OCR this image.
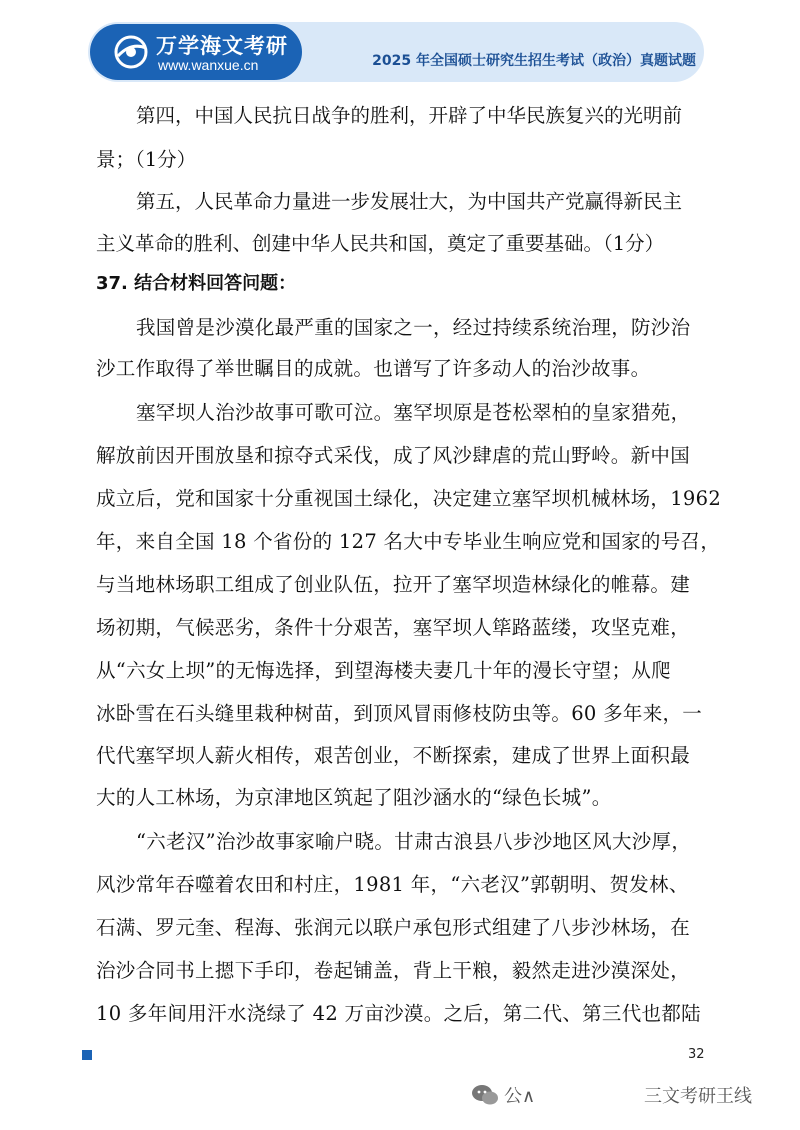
万学海文考研
www.wanxue.cn	2025 年全国硕士研究生招生考试（政治）真题试题
第四，中国人民抗日战争的胜利，开辟了中华民族复兴的光明前
景；（1分）
第五，人民革命力量进一步发展壮大，为中国共产党赢得新民主
主义革命的胜利、创建中华人民共和国，奠定了重要基础。（1分）
37. 结合材料回答问题：
我国曾是沙漠化最严重的国家之一，经过持续系统治理，防沙治
沙工作取得了举世瞩目的成就。也谱写了许多动人的治沙故事。
塞罕坝人治沙故事可歌可泣。塞罕坝原是苍松翠柏的皇家猎苑，
解放前因开围放垦和掠夺式采伐，成了风沙肆虐的荒山野岭。新中国
成立后，党和国家十分重视国土绿化，决定建立塞罕坝机械林场，1962
年，来自全国 18 个省份的 127 名大中专毕业生响应党和国家的号召，
与当地林场职工组成了创业队伍，拉开了塞罕坝造林绿化的帷幕。建
场初期，气候恶劣，条件十分艰苦，塞罕坝人筚路蓝缕，攻坚克难，
从“六女上坝”的无悔选择，到望海楼夫妻几十年的漫长守望；从爬
冰卧雪在石头缝里栽种树苗，到顶风冒雨修枝防虫等。60 多年来，一
代代塞罕坝人薪火相传，艰苦创业，不断探索，建成了世界上面积最
大的人工林场，为京津地区筑起了阻沙涵水的“绿色长城”。
“六老汉”治沙故事家喻户晓。甘肃古浪县八步沙地区风大沙厚，
风沙常年吞噬着农田和村庄，1981 年，“六老汉”郭朝明、贺发林、
石满、罗元奎、程海、张润元以联户承包形式组建了八步沙林场，在
治沙合同书上摁下手印，卷起铺盖，背上干粮，毅然走进沙漠深处，
10 多年间用汗水浇绿了 42 万亩沙漠。之后，第二代、第三代也都陆
32
公∧	三文考研王线
